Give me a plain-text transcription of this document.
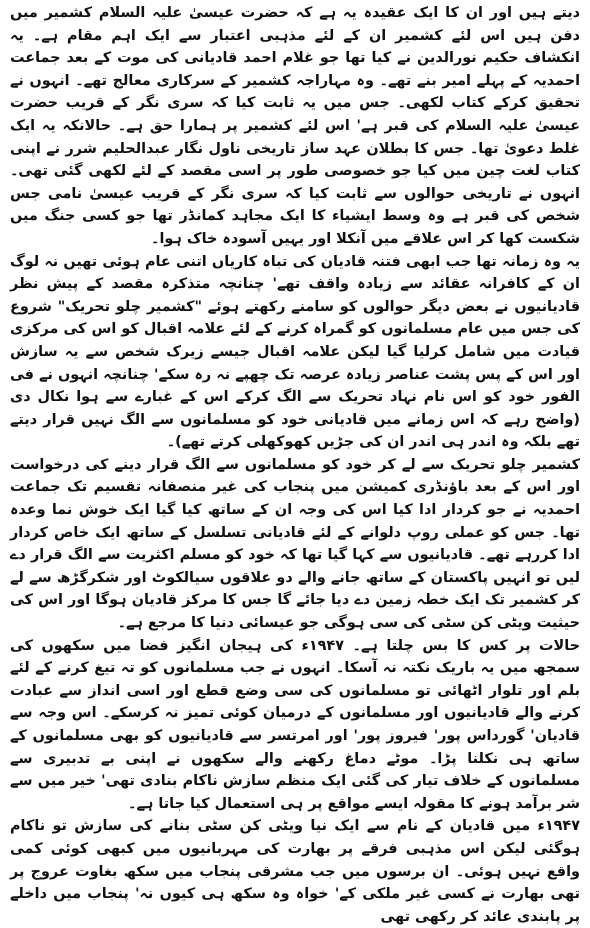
دیتے ہیں اور ان کا ایک عقیدہ یہ ہے کہ حضرت عیسیٰ علیہ السلام کشمیر میں دفن ہیں اس لئے کشمیر ان کے لئے مذہبی اعتبار سے ایک اہم مقام ہے۔ یہ انکشاف حکیم نورالدین نے کیا تھا جو غلام احمد قادیانی کی موت کے بعد جماعت احمدیہ کے پہلے امیر بنے تھے۔ وہ مہاراجہ کشمیر کے سرکاری معالج تھے۔ انہوں نے تحقیق کرکے کتاب لکھی۔ جس میں یہ ثابت کیا کہ سری نگر کے قریب حضرت عیسیٰ علیہ السلام کی قبر ہے' اس لئے کشمیر پر ہمارا حق ہے۔ حالانکہ یہ ایک غلط دعویٰ تھا۔ جس کا بطلان عہد ساز تاریخی ناول نگار عبدالحلیم شرر نے اپنی کتاب لغت چین میں کیا جو خصوصی طور پر اسی مقصد کے لئے لکھی گئی تھی۔ انہوں نے تاریخی حوالوں سے ثابت کیا کہ سری نگر کے قریب عیسیٰ نامی جس شخص کی قبر ہے وہ وسط ایشیاء کا ایک مجاہد کمانڈر تھا جو کسی جنگ میں شکست کھا کر اس علاقے میں آنکلا اور یہیں آسودہ خاک ہوا۔

یہ وہ زمانہ تھا جب ابھی فتنہ قادیان کی تباہ کاریاں اتنی عام ہوئی تھیں نہ لوگ ان کے کافرانہ عقائد سے زیادہ واقف تھے' چنانچہ متذکرہ مقصد کے پیش نظر قادیانیوں نے بعض دیگر حوالوں کو سامنے رکھتے ہوئے "کشمیر چلو تحریک" شروع کی جس میں عام مسلمانوں کو گمراہ کرنے کے لئے علامہ اقبال کو اس کی مرکزی قیادت میں شامل کرلیا گیا لیکن علامہ اقبال جیسے زیرک شخص سے یہ سازش اور اس کے پس پشت عناصر زیادہ عرصہ تک چھپے نہ رہ سکے' چنانچہ انہوں نے فی الفور خود کو اس نام نہاد تحریک سے الگ کرکے اس کے غبارے سے ہوا نکال دی (واضح رہے کہ اس زمانے میں قادیانی خود کو مسلمانوں سے الگ نہیں قرار دیتے تھے بلکہ وہ اندر ہی اندر ان کی جڑیں کھوکھلی کرتے تھے)۔

کشمیر چلو تحریک سے لے کر خود کو مسلمانوں سے الگ قرار دینے کی درخواست اور اس کے بعد باؤنڈری کمیشن میں پنجاب کی غیر منصفانہ تقسیم تک جماعت احمدیہ نے جو کردار ادا کیا اس کی وجہ ان کے ساتھ کیا گیا ایک خوش نما وعدہ تھا۔ جس کو عملی روپ دلوانے کے لئے قادیانی تسلسل کے ساتھ ایک خاص کردار ادا کررہے تھے۔ قادیانیوں سے کہا گیا تھا کہ خود کو مسلم اکثریت سے الگ قرار دے لیں تو انہیں پاکستان کے ساتھ جانے والے دو علاقوں سیالکوٹ اور شکرگڑھ سے لے کر کشمیر تک ایک خطہ زمین دے دیا جائے گا جس کا مرکز قادیان ہوگا اور اس کی حیثیت ویٹی کن سٹی کی سی ہوگی جو عیسائی دنیا کا مرجع ہے۔

حالات پر کس کا بس چلتا ہے۔ ۱۹۴۷ء کی ہیجان انگیز فضا میں سکھوں کی سمجھ میں یہ باریک نکتہ نہ آسکا۔ انہوں نے جب مسلمانوں کو تہ تیغ کرنے کے لئے بلم اور تلوار اٹھائی تو مسلمانوں کی سی وضع قطع اور اسی انداز سے عبادت کرنے والے قادیانیوں اور مسلمانوں کے درمیان کوئی تمیز نہ کرسکے۔ اس وجہ سے قادیان' گورداس پور' فیروز پور' اور امرتسر سے قادیانیوں کو بھی مسلمانوں کے ساتھ ہی نکلنا پڑا۔ موٹے دماغ رکھنے والے سکھوں نے اپنی بے تدبیری سے مسلمانوں کے خلاف تیار کی گئی ایک منظم سازش ناکام بنادی تھی' خیر میں سے شر برآمد ہونے کا مقولہ ایسے مواقع پر ہی استعمال کیا جاتا ہے۔

۱۹۴۷ء میں قادیان کے نام سے ایک نیا ویٹی کن سٹی بنانے کی سازش تو ناکام ہوگئی لیکن اس مذہبی فرقے پر بھارت کی مہربانیوں میں کبھی کوئی کمی واقع نہیں ہوئی۔ ان برسوں میں جب مشرقی پنجاب میں سکھ بغاوت عروج پر تھی بھارت نے کسی غیر ملکی کے' خواہ وہ سکھ ہی کیوں نہ' پنجاب میں داخلے پر پابندی عائد کر رکھی تھی
